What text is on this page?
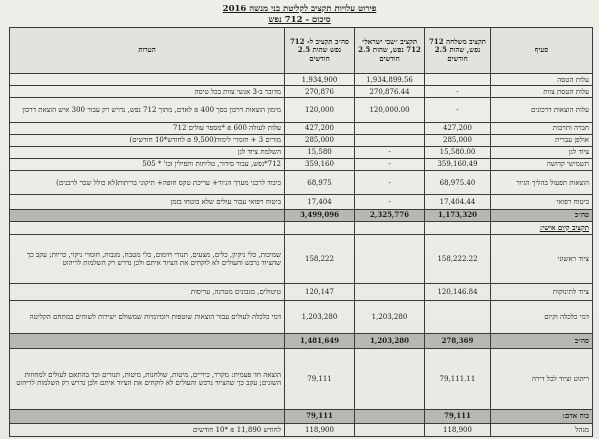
פירוט עלויות תקציב לקליטת בני מנשה 2016
סיכום - 712 נפש
סעיף	תקציב משלחה 712 נפש, שהות 2.5 חודשים	תקציב ״שבי ישראל״ 712 נפש, שהות 2.5 חודשים	סה״כ תקציב ל- 712 נפש שהות 2.5 חודשים	הערות
עלות הטסה		1,934,899.56	1,934,900	
עלות הטסת צוות	-	270,876.44	270,876	מדובר ב-3 אנשי צוות בכל טיסה
עלות הוצאות דרכונים	-	120,000.00	120,000	מימון הוצאות דרכון בסך 400 ₪ לאדם, מתוך 712 נפש, נדרש רק עבור 300 איש הוצאת דרכון
חברה ותרבות	427,200		427,200	עלות לעולה 600 ₪ *מספר עולים 712
אולפן עברית	285,000		285,000	מורים 3 + חומרי לימוד(9,500 ₪ לחודש*10 חודשים)
ציוד לגן	15,580.00	-	15,580	השלמת ציוד לגן
תשמישי קדושה	359,160.49	-	359,160	712*נפש, עבור סידור, טליתות ותפילין וכו' * 505
הוצאות תפעול בהליך הגיור	68,975.40	-	68,975	כיבוד לרבני מערך הגיור+ עריכת טקס חופה+ תיקוני בריתות(לא כולל שכר לרבנים)
ביטוח רפואי	17,404.44	-	17,404	ביטוח רפואי עבור עולים שלא בוטחו בזמן
סה״כ	1,173,320	2,325,776	3,499,096	
תקציב קיום אישי:				
ציוד ראשוני	158,222.22		158,222	שמיכות, כלי ניקיון, כלים, מצעים, תנורי חימום, כלי מטבח, מגבות, חומרי ניקוי, כריות; עקב כך שהציוד נרכש והעולים לא לוקחים את הציוד איתם ולכן נדרש רק השלמות לריהוט
ציוד לתינוקות	120,146.84		120,147	טיטולים, מגבונים מטרנה, עריסות
דמי כלכלה וקיום		1,203,280	1,203,280	דמי כלכלה לעולים עבור הוצאות שוטפות ויומיומיות שמשולם ישירות לשוהים במתחם הקליטה
סה״כ	278,369	1,203,280	1,481,649	
ריהוט וציוד לכל דירה	79,111.11		79,111	הוצאה חד פעמית: מקרר, כיריים, מיטות, שולחנות, מיטות, תנורים וכד בהתאם לעולים למחוזות השונים; עקב כך שהציוד נרכש והעולים לא לוקחים את הציוד איתם ולכן נדרש רק השלמות לריהוט
כוח אדם:	79,111		79,111	
מנהל	118,900		118,900	לחודש 11,890 ₪ *10 חודשים
